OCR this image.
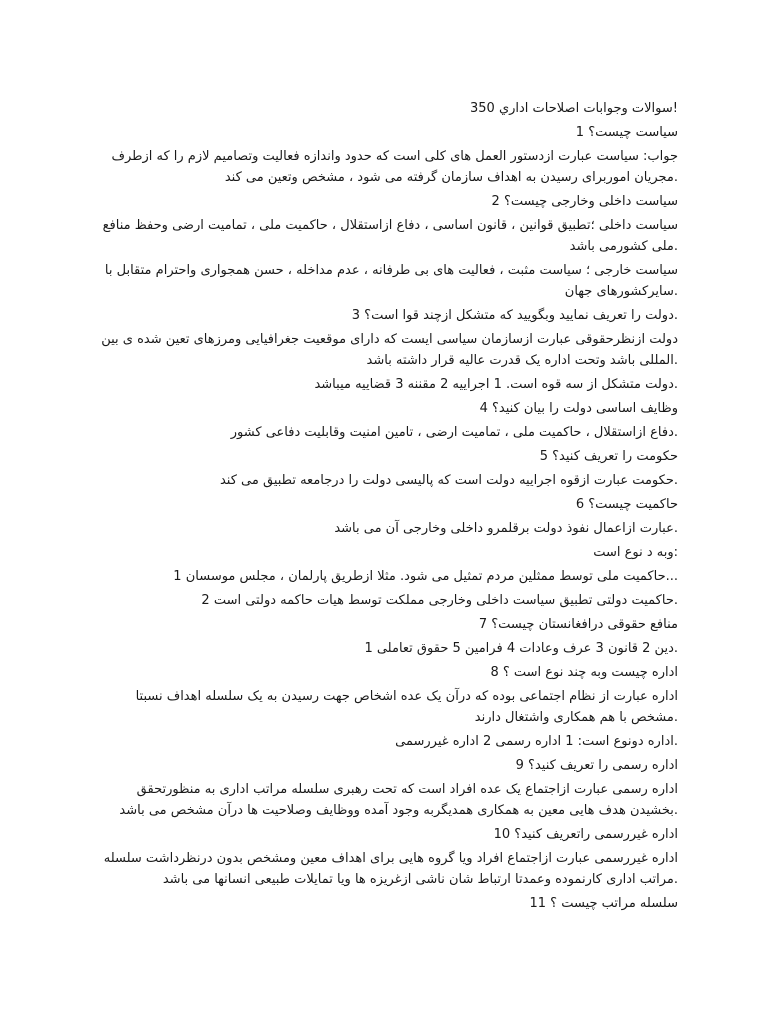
!سوالات وجوابات اصلاحات اداري 350
سیاست چیست؟ 1
جواب: سیاست عبارت ازدستور العمل های کلی است که حدود واندازه فعالیت وتصامیم لازم را که ازطرف
.مجریان اموربرای رسیدن به اهداف سازمان گرفته می شود ، مشخص وتعین می کند
سیاست داخلی وخارجی چیست؟ 2
سیاست داخلی ؛تطبیق قوانین ، قانون اساسی ، دفاع ازاستقلال ، حاکمیت ملی ، تمامیت ارضی وحفظ منافع
.ملی کشورمی باشد
سیاست خارجی ؛ سیاست مثبت ، فعالیت های بی طرفانه ، عدم مداخله ، حسن همجواری واحترام متقابل با
.سایرکشورهای جهان
.دولت را تعریف نمایید وبگویید که متشکل ازچند قوا است؟ 3
دولت ازنظرحقوقی عبارت ازسازمان سیاسی ایست که دارای موقعیت جغرافیایی ومرزهای تعین شده ی بین
.المللی باشد وتحت اداره یک قدرت عالیه قرار داشته باشد
.دولت متشکل از سه قوه است. 1 اجراییه 2 مقننه 3 قضاییه میباشد
وظایف اساسی دولت را بیان کنید؟ 4
.دفاع ازاستقلال ، حاکمیت ملی ، تمامیت ارضی ، تامین امنیت وقابلیت دفاعی کشور
حکومت را تعریف کنید؟ 5
.حکومت عبارت ازقوه اجراییه دولت است که پالیسی دولت را درجامعه تطبیق می کند
حاکمیت چیست؟ 6
.عبارت ازاعمال نفوذ دولت برقلمرو داخلی وخارجی آن می باشد
:وبه د نوع است
...حاکمیت ملی توسط ممثلین مردم تمثیل می شود. مثلا ازطریق پارلمان ، مجلس موسسان 1
.حاکمیت دولتی تطبیق سیاست داخلی وخارجی مملکت توسط هیات حاکمه دولتی است 2
منافع حقوقی درافغانستان چیست؟ 7
.دین 2 قانون 3 عرف وعادات 4 فرامین 5 حقوق تعاملی 1
اداره چیست وبه چند نوع است ؟ 8
اداره عبارت از نظام اجتماعی بوده که درآن یک عده اشخاص جهت رسیدن به یک سلسله اهداف نسبتا
.مشخص با هم همکاری واشتغال دارند
.اداره دونوع است: 1 اداره رسمی 2 اداره غیررسمی
اداره رسمی را تعریف کنید؟ 9
اداره رسمی عبارت ازاجتماع یک عده افراد است که تحت رهبری سلسله مراتب اداری به منظورتحقق
.بخشیدن هدف هایی معین به همکاری همدیگربه وجود آمده ووظایف وصلاحیت ها درآن مشخص می باشد
اداره غیررسمی راتعریف کنید؟ 10
اداره غیررسمی عبارت ازاجتماع افراد ویا گروه هایی برای اهداف معین ومشخص بدون درنظرداشت سلسله
.مراتب اداری کارنموده وعمدتا ارتباط شان ناشی ازغریزه ها ویا تمایلات طبیعی انسانها می باشد
سلسله مراتب چیست ؟ 11
